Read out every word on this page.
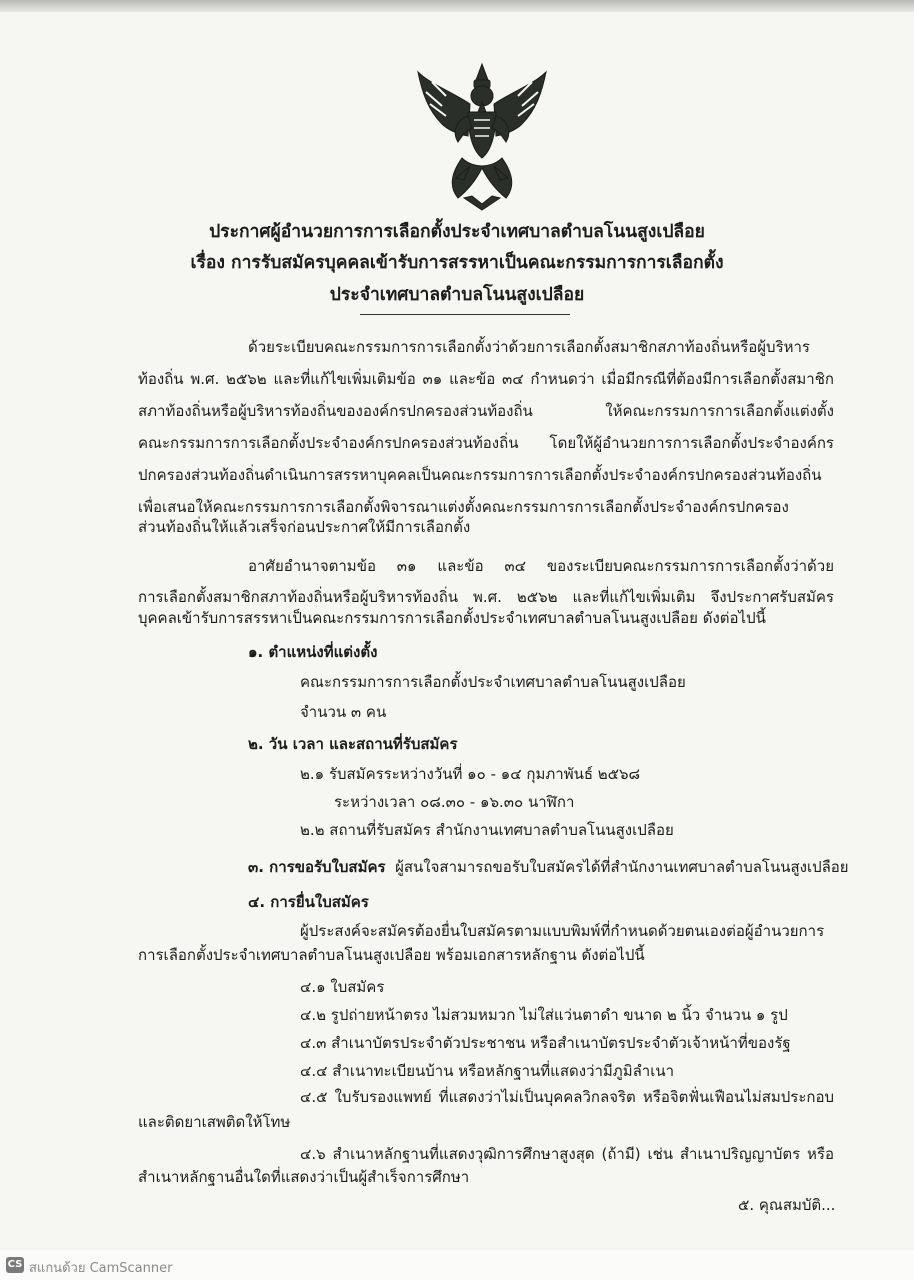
ประกาศผู้อำนวยการการเลือกตั้งประจำเทศบาลตำบลโนนสูงเปลือย
เรื่อง การรับสมัครบุคคลเข้ารับการสรรหาเป็นคณะกรรมการการเลือกตั้ง
ประจำเทศบาลตำบลโนนสูงเปลือย
ด้วยระเบียบคณะกรรมการการเลือกตั้งว่าด้วยการเลือกตั้งสมาชิกสภาท้องถิ่นหรือผู้บริหาร
ท้องถิ่น พ.ศ. ๒๕๖๒ และที่แก้ไขเพิ่มเติมข้อ ๓๑ และข้อ ๓๔ กำหนดว่า เมื่อมีกรณีที่ต้องมีการเลือกตั้งสมาชิก
สภาท้องถิ่นหรือผู้บริหารท้องถิ่นขององค์กรปกครองส่วนท้องถิ่น ให้คณะกรรมการการเลือกตั้งแต่งตั้ง
คณะกรรมการการเลือกตั้งประจำองค์กรปกครองส่วนท้องถิ่น โดยให้ผู้อำนวยการการเลือกตั้งประจำองค์กร
ปกครองส่วนท้องถิ่นดำเนินการสรรหาบุคคลเป็นคณะกรรมการการเลือกตั้งประจำองค์กรปกครองส่วนท้องถิ่น
เพื่อเสนอให้คณะกรรมการการเลือกตั้งพิจารณาแต่งตั้งคณะกรรมการการเลือกตั้งประจำองค์กรปกครอง
ส่วนท้องถิ่นให้แล้วเสร็จก่อนประกาศให้มีการเลือกตั้ง
อาศัยอำนาจตามข้อ ๓๑ และข้อ ๓๔ ของระเบียบคณะกรรมการการเลือกตั้งว่าด้วย
การเลือกตั้งสมาชิกสภาท้องถิ่นหรือผู้บริหารท้องถิ่น พ.ศ. ๒๕๖๒ และที่แก้ไขเพิ่มเติม จึงประกาศรับสมัคร
บุคคลเข้ารับการสรรหาเป็นคณะกรรมการการเลือกตั้งประจำเทศบาลตำบลโนนสูงเปลือย ดังต่อไปนี้
๑. ตำแหน่งที่แต่งตั้ง
คณะกรรมการการเลือกตั้งประจำเทศบาลตำบลโนนสูงเปลือย
จำนวน ๓ คน
๒. วัน เวลา และสถานที่รับสมัคร
๒.๑ รับสมัครระหว่างวันที่ ๑๐ - ๑๔ กุมภาพันธ์ ๒๕๖๘
ระหว่างเวลา ๐๘.๓๐ - ๑๖.๓๐ นาฬิกา
๒.๒ สถานที่รับสมัคร สำนักงานเทศบาลตำบลโนนสูงเปลือย
๓. การขอรับใบสมัคร ผู้สนใจสามารถขอรับใบสมัครได้ที่สำนักงานเทศบาลตำบลโนนสูงเปลือย
๔. การยื่นใบสมัคร
ผู้ประสงค์จะสมัครต้องยื่นใบสมัครตามแบบพิมพ์ที่กำหนดด้วยตนเองต่อผู้อำนวยการ
การเลือกตั้งประจำเทศบาลตำบลโนนสูงเปลือย พร้อมเอกสารหลักฐาน ดังต่อไปนี้
๔.๑ ใบสมัคร
๔.๒ รูปถ่ายหน้าตรง ไม่สวมหมวก ไม่ใส่แว่นตาดำ ขนาด ๒ นิ้ว จำนวน ๑ รูป
๔.๓ สำเนาบัตรประจำตัวประชาชน หรือสำเนาบัตรประจำตัวเจ้าหน้าที่ของรัฐ
๔.๔ สำเนาทะเบียนบ้าน หรือหลักฐานที่แสดงว่ามีภูมิลำเนา
๔.๕ ใบรับรองแพทย์ ที่แสดงว่าไม่เป็นบุคคลวิกลจริต หรือจิตฟั่นเฟือนไม่สมประกอบ
และติดยาเสพติดให้โทษ
๔.๖ สำเนาหลักฐานที่แสดงวุฒิการศึกษาสูงสุด (ถ้ามี) เช่น สำเนาปริญญาบัตร หรือ
สำเนาหลักฐานอื่นใดที่แสดงว่าเป็นผู้สำเร็จการศึกษา
๕. คุณสมบัติ...
CS สแกนด้วย CamScanner
